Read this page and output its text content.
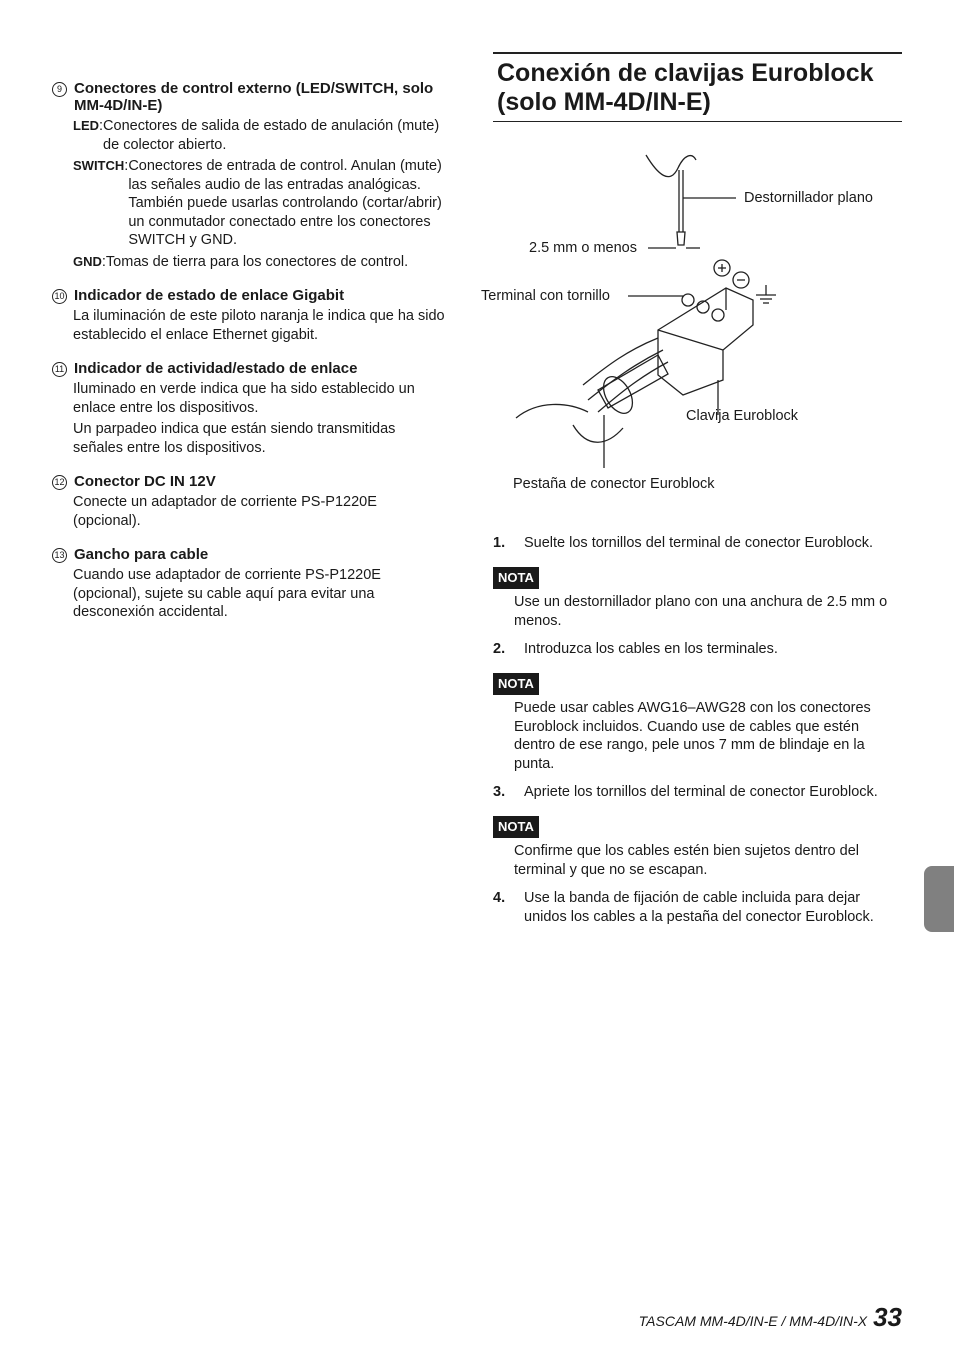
9 Conectores de control externo (LED/SWITCH, solo MM-4D/IN-E)
LED : Conectores de salida de estado de anulación (mute) de colector abierto.
SWITCH : Conectores de entrada de control. Anulan (mute) las señales audio de las entradas analógicas. También puede usarlas controlando (cortar/abrir) un conmutador conectado entre los conectores SWITCH y GND.
GND : Tomas de tierra para los conectores de control.
10 Indicador de estado de enlace Gigabit

La iluminación de este piloto naranja le indica que ha sido establecido el enlace Ethernet gigabit.

11 Indicador de actividad/estado de enlace

Iluminado en verde indica que ha sido establecido un enlace entre los dispositivos.

Un parpadeo indica que están siendo transmitidas señales entre los dispositivos.

12 Conector DC IN 12V

Conecte un adaptador de corriente PS-P1220E (opcional).

13 Gancho para cable

Cuando use adaptador de corriente PS-P1220E (opcional), sujete su cable aquí para evitar una desconexión accidental.

Conexión de clavijas Euroblock (solo MM-4D/IN-E)
Destornillador plano
2.5 mm o menos
Terminal con tornillo
Clavija Euroblock
Pestaña de conector Euroblock
1.	Suelte los tornillos del terminal de conector Euroblock.
NOTA
Use un destornillador plano con una anchura de 2.5 mm o menos.
2.	Introduzca los cables en los terminales.
NOTA
Puede usar cables AWG16–AWG28 con los conectores Euroblock incluidos. Cuando use de cables que estén dentro de ese rango, pele unos 7 mm de blindaje en la punta.
3.	Apriete los tornillos del terminal de conector Euroblock.
NOTA
Confirme que los cables estén bien sujetos dentro del terminal y que no se escapan.
4.	Use la banda de fijación de cable incluida para dejar unidos los cables a la pestaña del conector Euroblock.
TASCAM MM-4D/IN-E / MM-4D/IN-X 33
